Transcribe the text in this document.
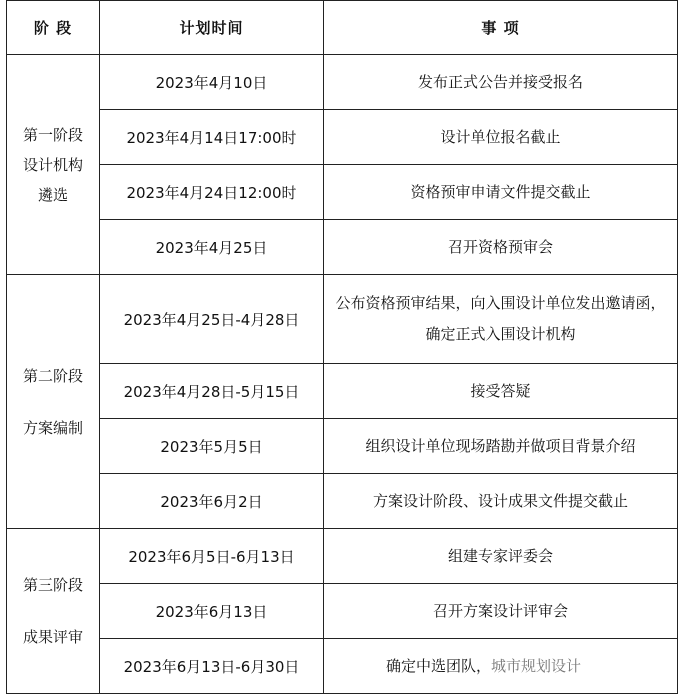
阶 段	计划时间	事 项

第一阶段
设计机构
遴选	2023年4月10日	发布正式公告并接受报名
	2023年4月14日17:00时	设计单位报名截止
	2023年4月24日12:00时	资格预审申请文件提交截止
	2023年4月25日	召开资格预审会

第二阶段
方案编制	2023年4月25日-4月28日	公布资格预审结果，向入围设计单位发出邀请函，确定正式入围设计机构
	2023年4月28日-5月15日	接受答疑
	2023年5月5日	组织设计单位现场踏勘并做项目背景介绍
	2023年6月2日	方案设计阶段、设计成果文件提交截止

第三阶段
成果评审	2023年6月5日-6月13日	组建专家评委会
	2023年6月13日	召开方案设计评审会
	2023年6月13日-6月30日	确定中选团队，城市规划设计
